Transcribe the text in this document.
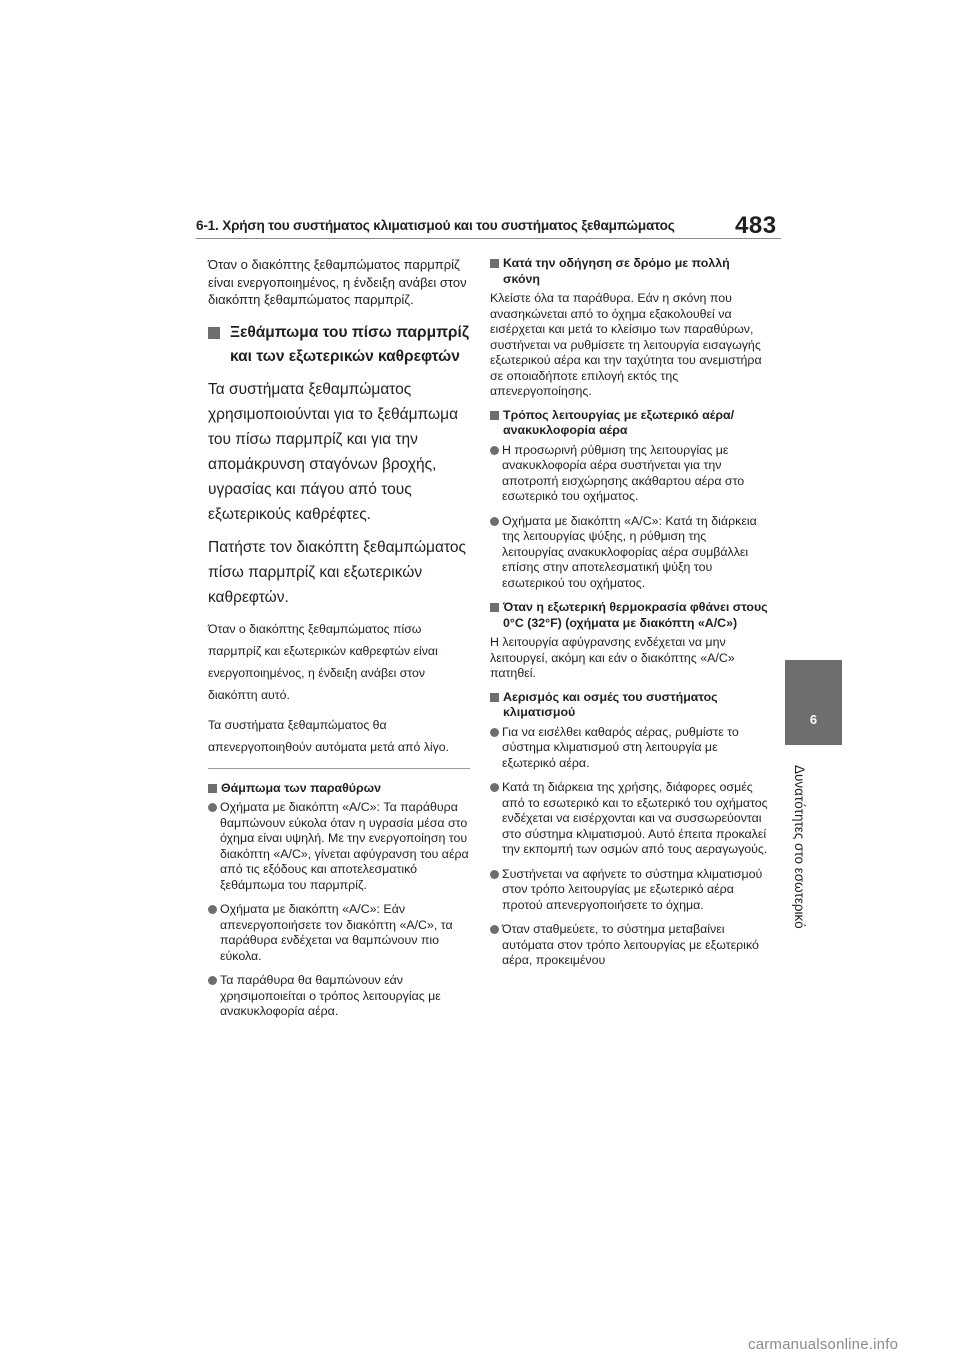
6-1. Χρήση του συστήματος κλιματισμού και του συστήματος ξεθαμπώματος	483
6
Δυνατότητες στο εσωτερικό

Όταν ο διακόπτης ξεθαμπώματος παρμπρίζ είναι ενεργοποιημένος, η ένδειξη ανάβει στον διακόπτη ξεθαμπώματος παρμπρίζ.

Ξεθάμπωμα του πίσω παρμπρίζ και των εξωτερικών καθρεφτών

Τα συστήματα ξεθαμπώματος χρησιμοποιούνται για το ξεθάμπωμα του πίσω παρμπρίζ και για την απομάκρυνση σταγόνων βροχής, υγρασίας και πάγου από τους εξωτερικούς καθρέφτες.

Πατήστε τον διακόπτη ξεθαμπώματος πίσω παρμπρίζ και εξωτερικών καθρεφτών.

Όταν ο διακόπτης ξεθαμπώματος πίσω παρμπρίζ και εξωτερικών καθρεφτών είναι ενεργοποιημένος, η ένδειξη ανάβει στον διακόπτη αυτό.

Τα συστήματα ξεθαμπώματος θα απενεργοποιηθούν αυτόματα μετά από λίγο.

Θάμπωμα των παραθύρων
Οχήματα με διακόπτη «A/C»: Τα παράθυρα θαμπώνουν εύκολα όταν η υγρασία μέσα στο όχημα είναι υψηλή. Με την ενεργοποίηση του διακόπτη «A/C», γίνεται αφύγρανση του αέρα από τις εξόδους και αποτελεσματικό ξεθάμπωμα του παρμπρίζ.
Οχήματα με διακόπτη «A/C»: Εάν απενεργοποιήσετε τον διακόπτη «A/C», τα παράθυρα ενδέχεται να θαμπώνουν πιο εύκολα.
Τα παράθυρα θα θαμπώνουν εάν χρησιμοποιείται ο τρόπος λειτουργίας με ανακυκλοφορία αέρα.
Κατά την οδήγηση σε δρόμο με πολλή σκόνη

Κλείστε όλα τα παράθυρα. Εάν η σκόνη που ανασηκώνεται από το όχημα εξακολουθεί να εισέρχεται και μετά το κλείσιμο των παραθύρων, συστήνεται να ρυθμίσετε τη λειτουργία εισαγωγής εξωτερικού αέρα και την ταχύτητα του ανεμιστήρα σε οποιαδήποτε επιλογή εκτός της απενεργοποίησης.

Τρόπος λειτουργίας με εξωτερικό αέρα/ανακυκλοφορία αέρα
Η προσωρινή ρύθμιση της λειτουργίας με ανακυκλοφορία αέρα συστήνεται για την αποτροπή εισχώρησης ακάθαρτου αέρα στο εσωτερικό του οχήματος.
Οχήματα με διακόπτη «A/C»: Κατά τη διάρκεια της λειτουργίας ψύξης, η ρύθμιση της λειτουργίας ανακυκλοφορίας αέρα συμβάλλει επίσης στην αποτελεσματική ψύξη του εσωτερικού του οχήματος.
Όταν η εξωτερική θερμοκρασία φθάνει στους 0°C (32°F) (οχήματα με διακόπτη «A/C»)

Η λειτουργία αφύγρανσης ενδέχεται να μην λειτουργεί, ακόμη και εάν ο διακόπτης «A/C» πατηθεί.

Αερισμός και οσμές του συστήματος κλιματισμού
Για να εισέλθει καθαρός αέρας, ρυθμίστε το σύστημα κλιματισμού στη λειτουργία με εξωτερικό αέρα.
Κατά τη διάρκεια της χρήσης, διάφορες οσμές από το εσωτερικό και το εξωτερικό του οχήματος ενδέχεται να εισέρχονται και να συσσωρεύονται στο σύστημα κλιματισμού. Αυτό έπειτα προκαλεί την εκπομπή των οσμών από τους αεραγωγούς.
Συστήνεται να αφήνετε το σύστημα κλιματισμού στον τρόπο λειτουργίας με εξωτερικό αέρα προτού απενεργοποιήσετε το όχημα.
Όταν σταθμεύετε, το σύστημα μεταβαίνει αυτόματα στον τρόπο λειτουργίας με εξωτερικό αέρα, προκειμένου
carmanualsonline.info
